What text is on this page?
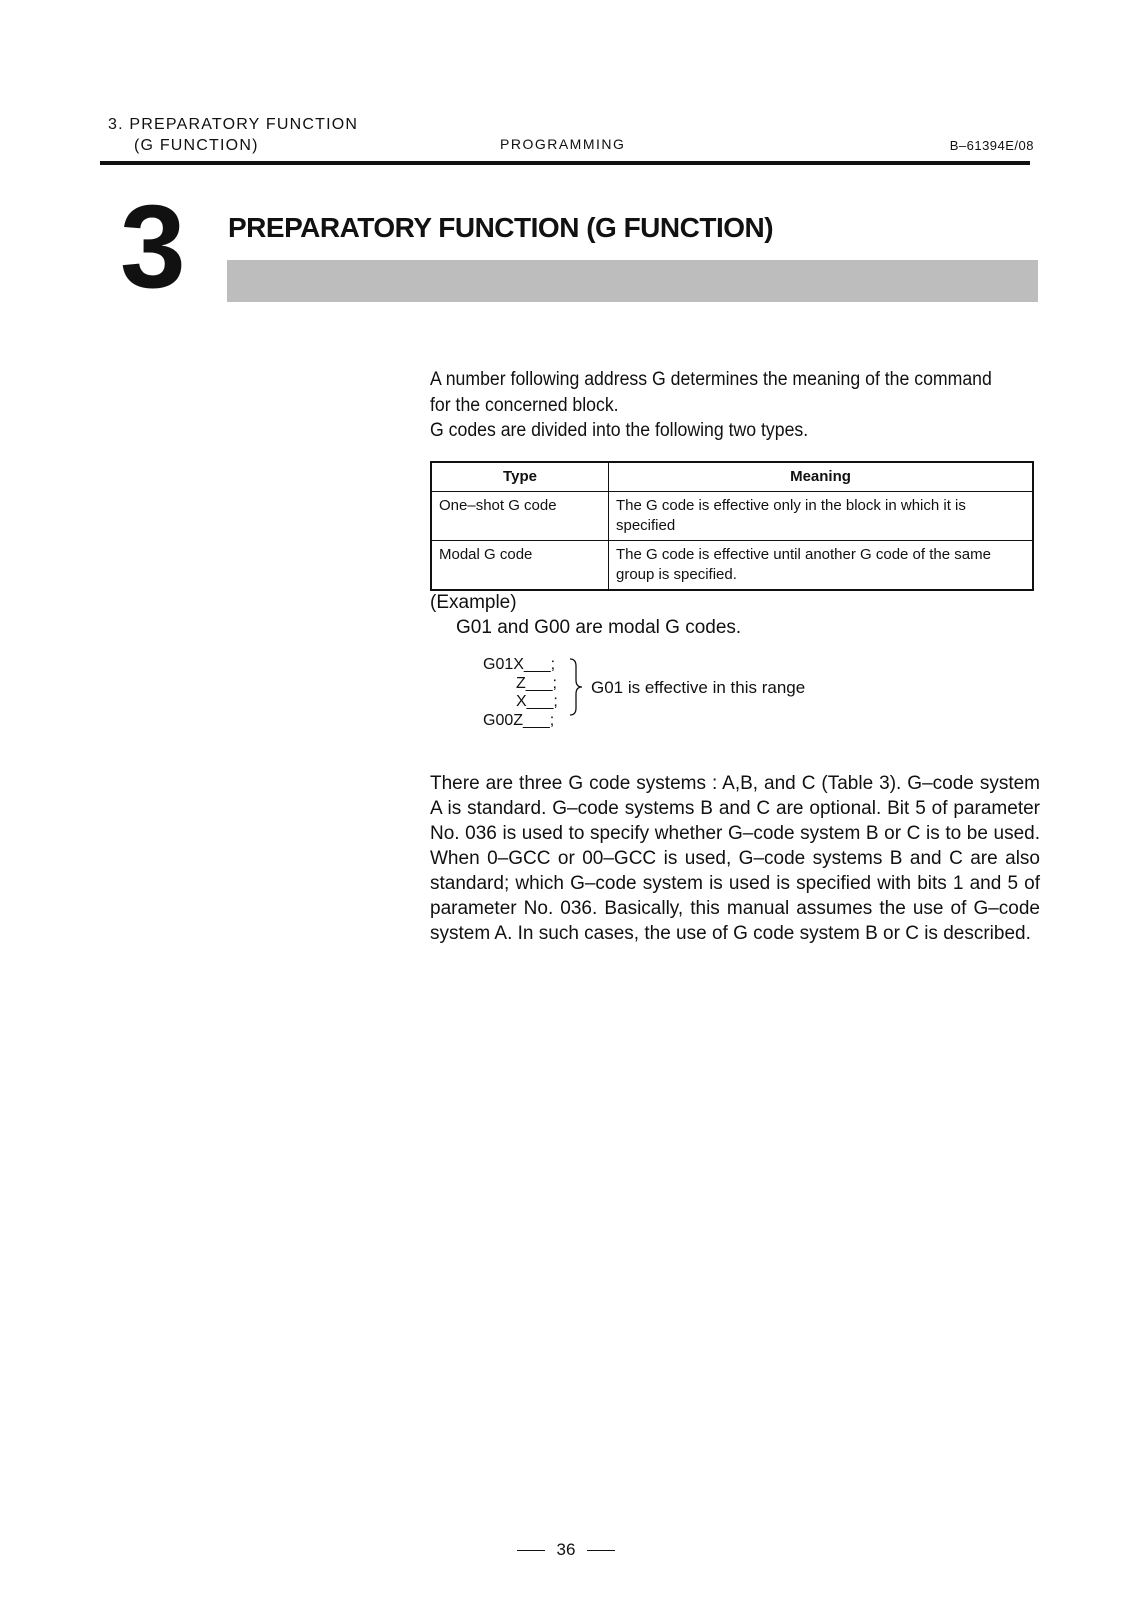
3. PREPARATORY FUNCTION
(G FUNCTION)	PROGRAMMING	B–61394E/08
3 PREPARATORY FUNCTION (G FUNCTION)

A number following address G determines the meaning of the command

for the concerned block.

G codes are divided into the following two types.

Type	Meaning
One–shot G code	The G code is effective only in the block in which it is specified
Modal G code	The G code is effective until another G code of the same group is specified.
(Example)
G01 and G00 are modal G codes.
G01X___;
Z___;
X___;
G00Z___;
G01 is effective in this range

There are three G code systems : A,B, and C (Table 3). G–code system

A is standard. G–code systems B and C are optional. Bit 5 of parameter

No. 036 is used to specify whether G–code system B or C is to be used.

When 0–GCC or 00–GCC is used, G–code systems B and C are also

standard; which G–code system is used is specified with bits 1 and 5 of

parameter No. 036. Basically, this manual assumes the use of G–code

system A. In such cases, the use of G code system B or C is described.

36
